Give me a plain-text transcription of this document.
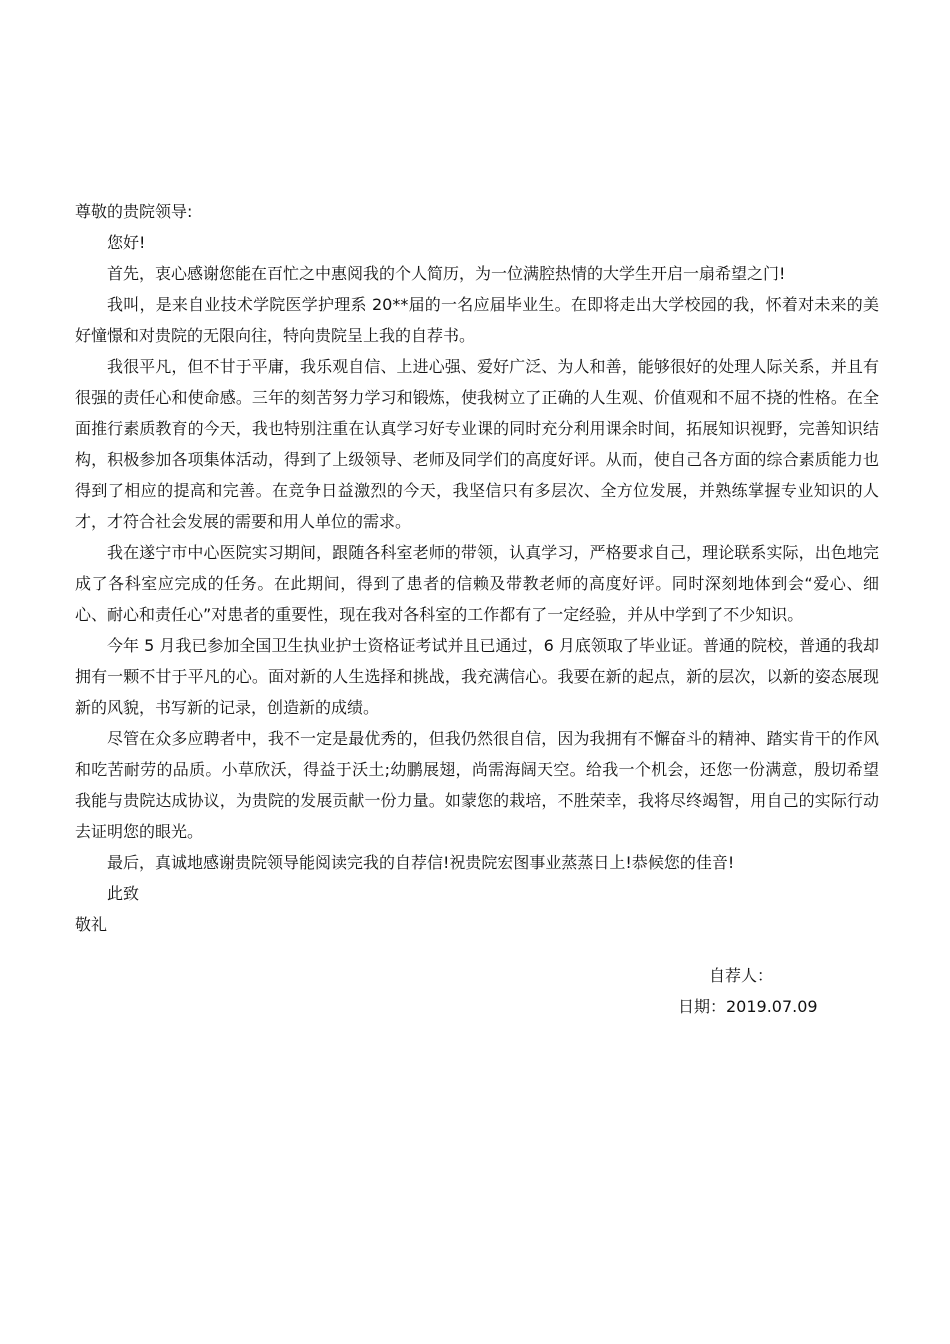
尊敬的贵院领导:

您好!

首先，衷心感谢您能在百忙之中惠阅我的个人简历，为一位满腔热情的大学生开启一扇希望之门!

我叫，是来自业技术学院医学护理系 20**届的一名应届毕业生。在即将走出大学校园的我，怀着对未来的美好憧憬和对贵院的无限向往，特向贵院呈上我的自荐书。

我很平凡，但不甘于平庸，我乐观自信、上进心强、爱好广泛、为人和善，能够很好的处理人际关系，并且有很强的责任心和使命感。三年的刻苦努力学习和锻炼，使我树立了正确的人生观、价值观和不屈不挠的性格。在全面推行素质教育的今天，我也特别注重在认真学习好专业课的同时充分利用课余时间，拓展知识视野，完善知识结构，积极参加各项集体活动，得到了上级领导、老师及同学们的高度好评。从而，使自己各方面的综合素质能力也得到了相应的提高和完善。在竞争日益激烈的今天，我坚信只有多层次、全方位发展，并熟练掌握专业知识的人才，才符合社会发展的需要和用人单位的需求。

我在遂宁市中心医院实习期间，跟随各科室老师的带领，认真学习，严格要求自己，理论联系实际，出色地完成了各科室应完成的任务。在此期间，得到了患者的信赖及带教老师的高度好评。同时深刻地体到会“爱心、细心、耐心和责任心”对患者的重要性，现在我对各科室的工作都有了一定经验，并从中学到了不少知识。

今年 5 月我已参加全国卫生执业护士资格证考试并且已通过，6 月底领取了毕业证。普通的院校，普通的我却拥有一颗不甘于平凡的心。面对新的人生选择和挑战，我充满信心。我要在新的起点，新的层次，以新的姿态展现新的风貌，书写新的记录，创造新的成绩。

尽管在众多应聘者中，我不一定是最优秀的，但我仍然很自信，因为我拥有不懈奋斗的精神、踏实肯干的作风和吃苦耐劳的品质。小草欣沃，得益于沃土;幼鹏展翅，尚需海阔天空。给我一个机会，还您一份满意，殷切希望我能与贵院达成协议，为贵院的发展贡献一份力量。如蒙您的栽培，不胜荣幸，我将尽终竭智，用自己的实际行动去证明您的眼光。

最后，真诚地感谢贵院领导能阅读完我的自荐信!祝贵院宏图事业蒸蒸日上!恭候您的佳音!

此致

敬礼

自荐人：
日期：2019.07.09
